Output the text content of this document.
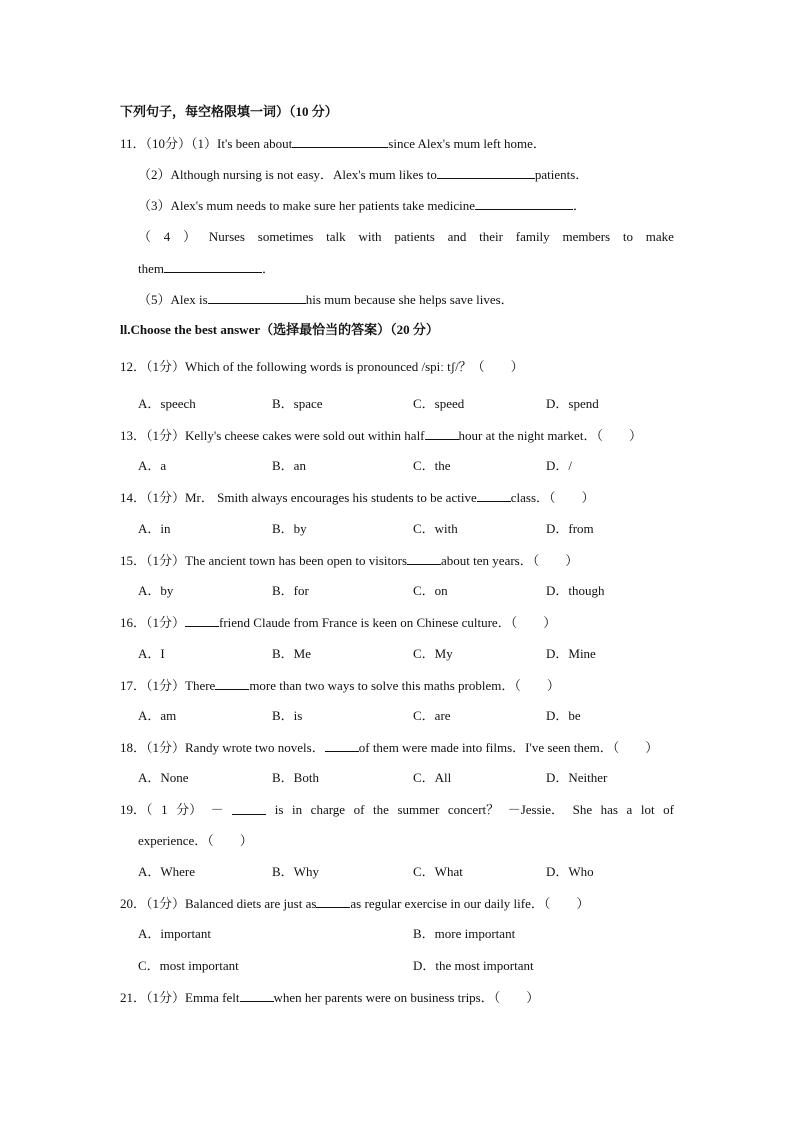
下列句子，每空格限填一词）（10 分）
11．（10分）（1）It's been about	since Alex's mum left home．
（2）Although nursing is not easy．Alex's mum likes to	patients．
（3）Alex's mum needs to make sure her patients take medicine	．
（ 4 ） Nurses sometimes talk with patients and their family members to make
them	．
（5）Alex is	his mum because she helps save lives．
ll.Choose the best answer（选择最恰当的答案）（20 分）
12．（1分）Which of the following words is pronounced /spiː tʃ/？（　　）
A．speech	B．space	C．speed	D．spend
13．（1分）Kelly's cheese cakes were sold out within half	hour at the night market．（　　）
A．a	B．an	C．the	D．/
14．（1分）Mr． Smith always encourages his students to be active	class．（　　）
A．in	B．by	C．with	D．from
15．（1分）The ancient town has been open to visitors	about ten years．（　　）
A．by	B．for	C．on	D．though
16．（1分）	friend Claude from France is keen on Chinese culture．（　　）
A．I	B．Me	C．My	D．Mine
17．（1分）There	more than two ways to solve this maths problem．（　　）
A．am	B．is	C．are	D．be
18．（1分）Randy wrote two novels．	of them were made into films．I've seen them．（　　）
A．None	B．Both	C．All	D．Neither
19．（ 1 分） －	is in charge of the summer concert？ －Jessie． She has a lot of
experience．（　　）
A．Where	B．Why	C．What	D．Who
20．（1分）Balanced diets are just as	as regular exercise in our daily life．（　　）
A．important	B．more important
C．most important	D．the most important
21．（1分）Emma felt	when her parents were on business trips．（　　）
